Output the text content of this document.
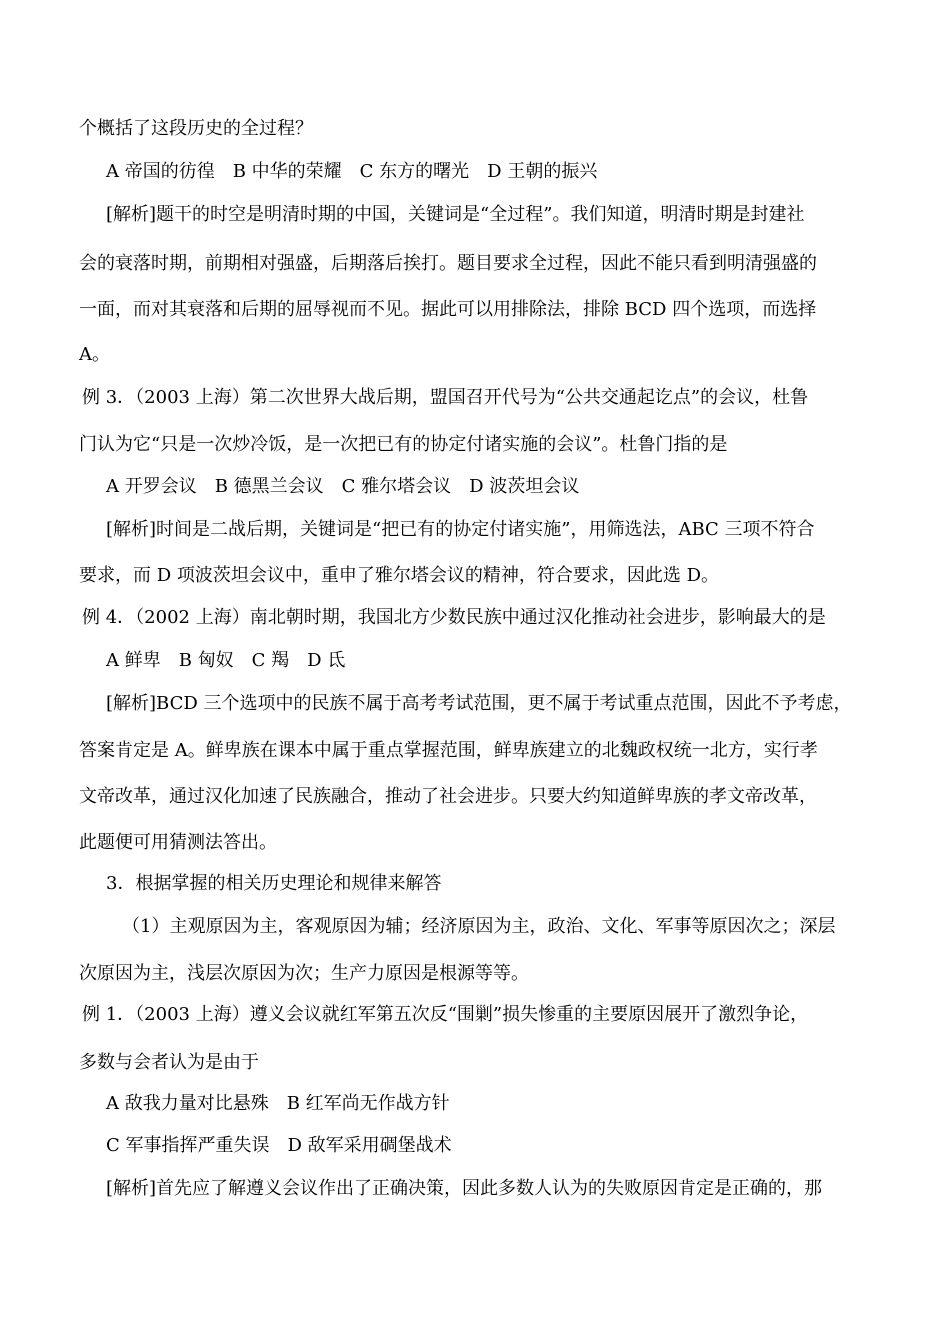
个概括了这段历史的全过程？
A 帝国的彷徨　B 中华的荣耀　C 东方的曙光　D 王朝的振兴
[解析]题干的时空是明清时期的中国，关键词是“全过程”。我们知道，明清时期是封建社
会的衰落时期，前期相对强盛，后期落后挨打。题目要求全过程，因此不能只看到明清强盛的
一面，而对其衰落和后期的屈辱视而不见。据此可以用排除法，排除 BCD 四个选项，而选择
A。
例 3．（2003 上海）第二次世界大战后期，盟国召开代号为“公共交通起讫点”的会议，杜鲁
门认为它“只是一次炒冷饭，是一次把已有的协定付诸实施的会议”。杜鲁门指的是
A 开罗会议　B 德黑兰会议　C 雅尔塔会议　D 波茨坦会议
[解析]时间是二战后期，关键词是“把已有的协定付诸实施”，用筛选法，ABC 三项不符合
要求，而 D 项波茨坦会议中，重申了雅尔塔会议的精神，符合要求，因此选 D。
例 4．（2002 上海）南北朝时期，我国北方少数民族中通过汉化推动社会进步，影响最大的是
A 鲜卑　B 匈奴　C 羯　D 氐
[解析]BCD 三个选项中的民族不属于高考考试范围，更不属于考试重点范围，因此不予考虑，
答案肯定是 A。鲜卑族在课本中属于重点掌握范围，鲜卑族建立的北魏政权统一北方，实行孝
文帝改革，通过汉化加速了民族融合，推动了社会进步。只要大约知道鲜卑族的孝文帝改革，
此题便可用猜测法答出。
3．根据掌握的相关历史理论和规律来解答
（1）主观原因为主，客观原因为辅；经济原因为主，政治、文化、军事等原因次之；深层
次原因为主，浅层次原因为次；生产力原因是根源等等。
例 1．（2003 上海）遵义会议就红军第五次反“围剿”损失惨重的主要原因展开了激烈争论，
多数与会者认为是由于
A 敌我力量对比悬殊　B 红军尚无作战方针
C 军事指挥严重失误　D 敌军采用碉堡战术
[解析]首先应了解遵义会议作出了正确决策，因此多数人认为的失败原因肯定是正确的，那
